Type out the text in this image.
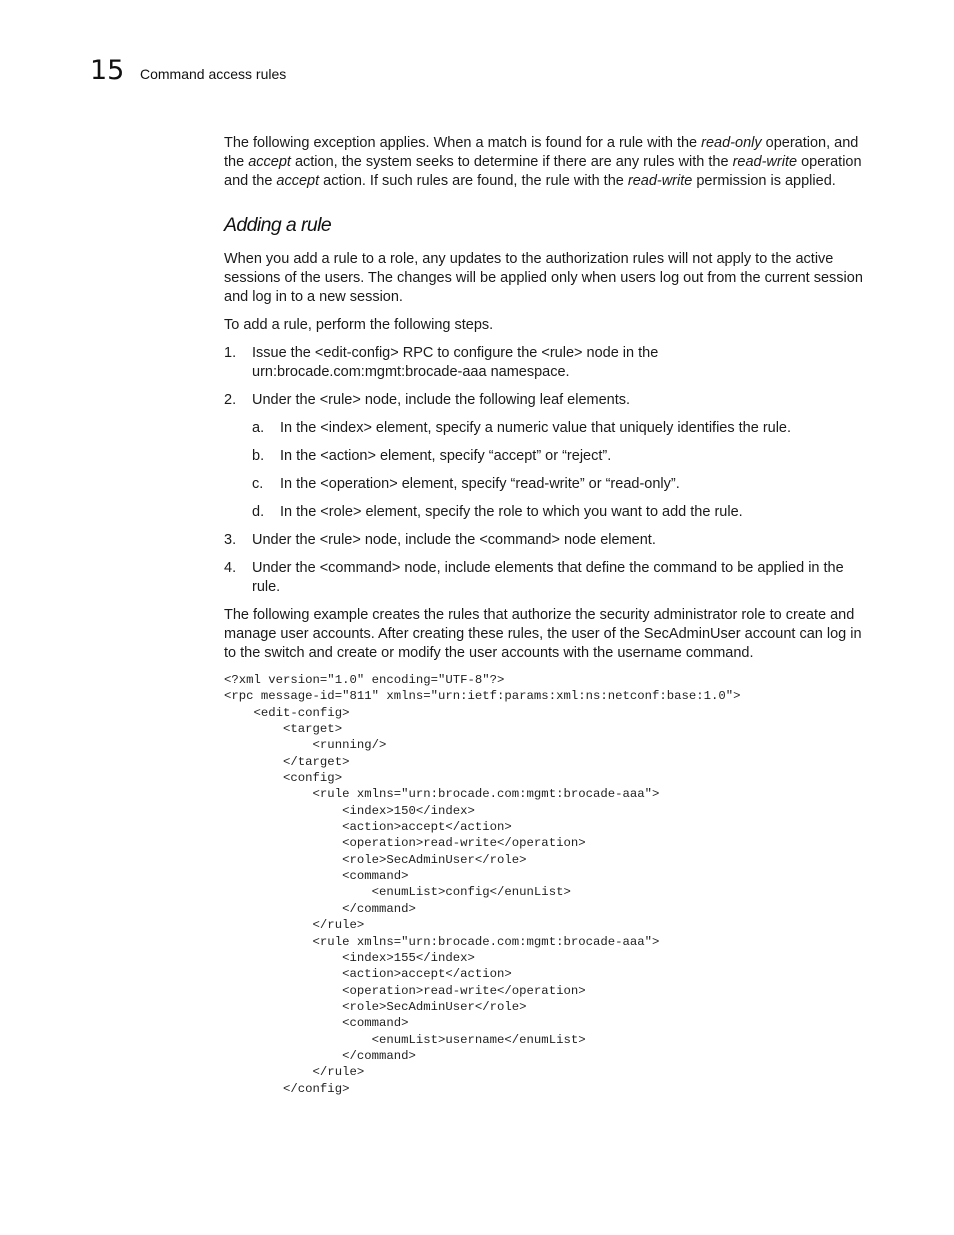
15 Command access rules

The following exception applies. When a match is found for a rule with the read-only operation, and the accept action, the system seeks to determine if there are any rules with the read-write operation and the accept action. If such rules are found, the rule with the read-write permission is applied.

Adding a rule

When you add a rule to a role, any updates to the authorization rules will not apply to the active sessions of the users. The changes will be applied only when users log out from the current session and log in to a new session.

To add a rule, perform the following steps.

1. Issue the <edit-config> RPC to configure the <rule> node in the urn:brocade.com:mgmt:brocade-aaa namespace.
2. Under the <rule> node, include the following leaf elements.
a. In the <index> element, specify a numeric value that uniquely identifies the rule.
b. In the <action> element, specify “accept” or “reject”.
c. In the <operation> element, specify “read-write” or “read-only”.
d. In the <role> element, specify the role to which you want to add the rule.
3. Under the <rule> node, include the <command> node element.
4. Under the <command> node, include elements that define the command to be applied in the rule.

The following example creates the rules that authorize the security administrator role to create and manage user accounts. After creating these rules, the user of the SecAdminUser account can log in to the switch and create or modify the user accounts with the username command.

<?xml version="1.0" encoding="UTF-8"?>
<rpc message-id="811" xmlns="urn:ietf:params:xml:ns:netconf:base:1.0">
<edit-config>
<target>
<running/>
</target>
<config>
<rule xmlns="urn:brocade.com:mgmt:brocade-aaa">
<index>150</index>
<action>accept</action>
<operation>read-write</operation>
<role>SecAdminUser</role>
<command>
<enumList>config</enunList>
</command>
</rule>
<rule xmlns="urn:brocade.com:mgmt:brocade-aaa">
<index>155</index>
<action>accept</action>
<operation>read-write</operation>
<role>SecAdminUser</role>
<command>
<enumList>username</enumList>
</command>
</rule>
</config>
